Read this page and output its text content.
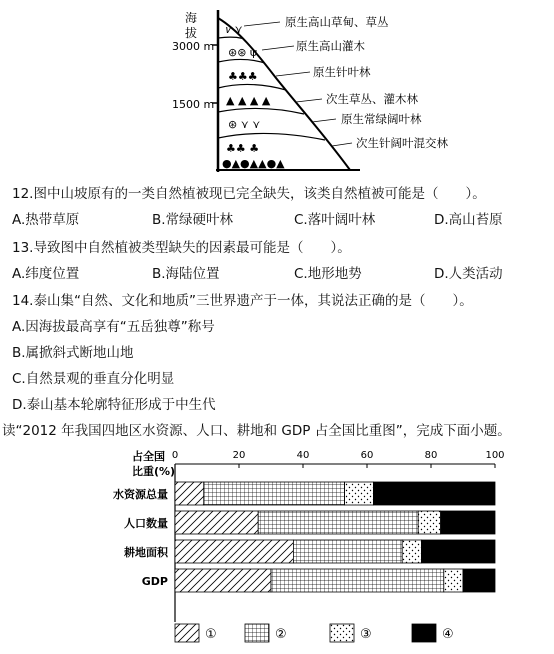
海
拔
3000 m
1500 m
𝑣 ⋎
⊛⊛ ψ
♣♣♣
▲ ▲ ▲ ▲
⊛ ⋎ ⋎
♣♣ ♣
●▲●▲▲●▲
原生高山草甸、草丛
原生高山灌木
原生针叶林
次生草丛、灌木林
原生常绿阔叶林
次生针阔叶混交林
12.图中山坡原有的一类自然植被现已完全缺失，该类自然植被可能是（　　）。
A.热带草原	B.常绿硬叶林	C.落叶阔叶林	D.高山苔原
13.导致图中自然植被类型缺失的因素最可能是（　　）。
A.纬度位置	B.海陆位置	C.地形地势	D.人类活动
14.泰山集“自然、文化和地质”三世界遗产于一体，其说法正确的是（　　）。
A.因海拔最高享有“五岳独尊”称号
B.属掀斜式断地山地
C.自然景观的垂直分化明显
D.泰山基本轮廓特征形成于中生代
读“2012 年我国四地区水资源、人口、耕地和 GDP 占全国比重图”，完成下面小题。
占全国
比重(%)
0	20	40	60	80	100
水资源总量
人口数量
耕地面积
GDP
①	②	③	④
